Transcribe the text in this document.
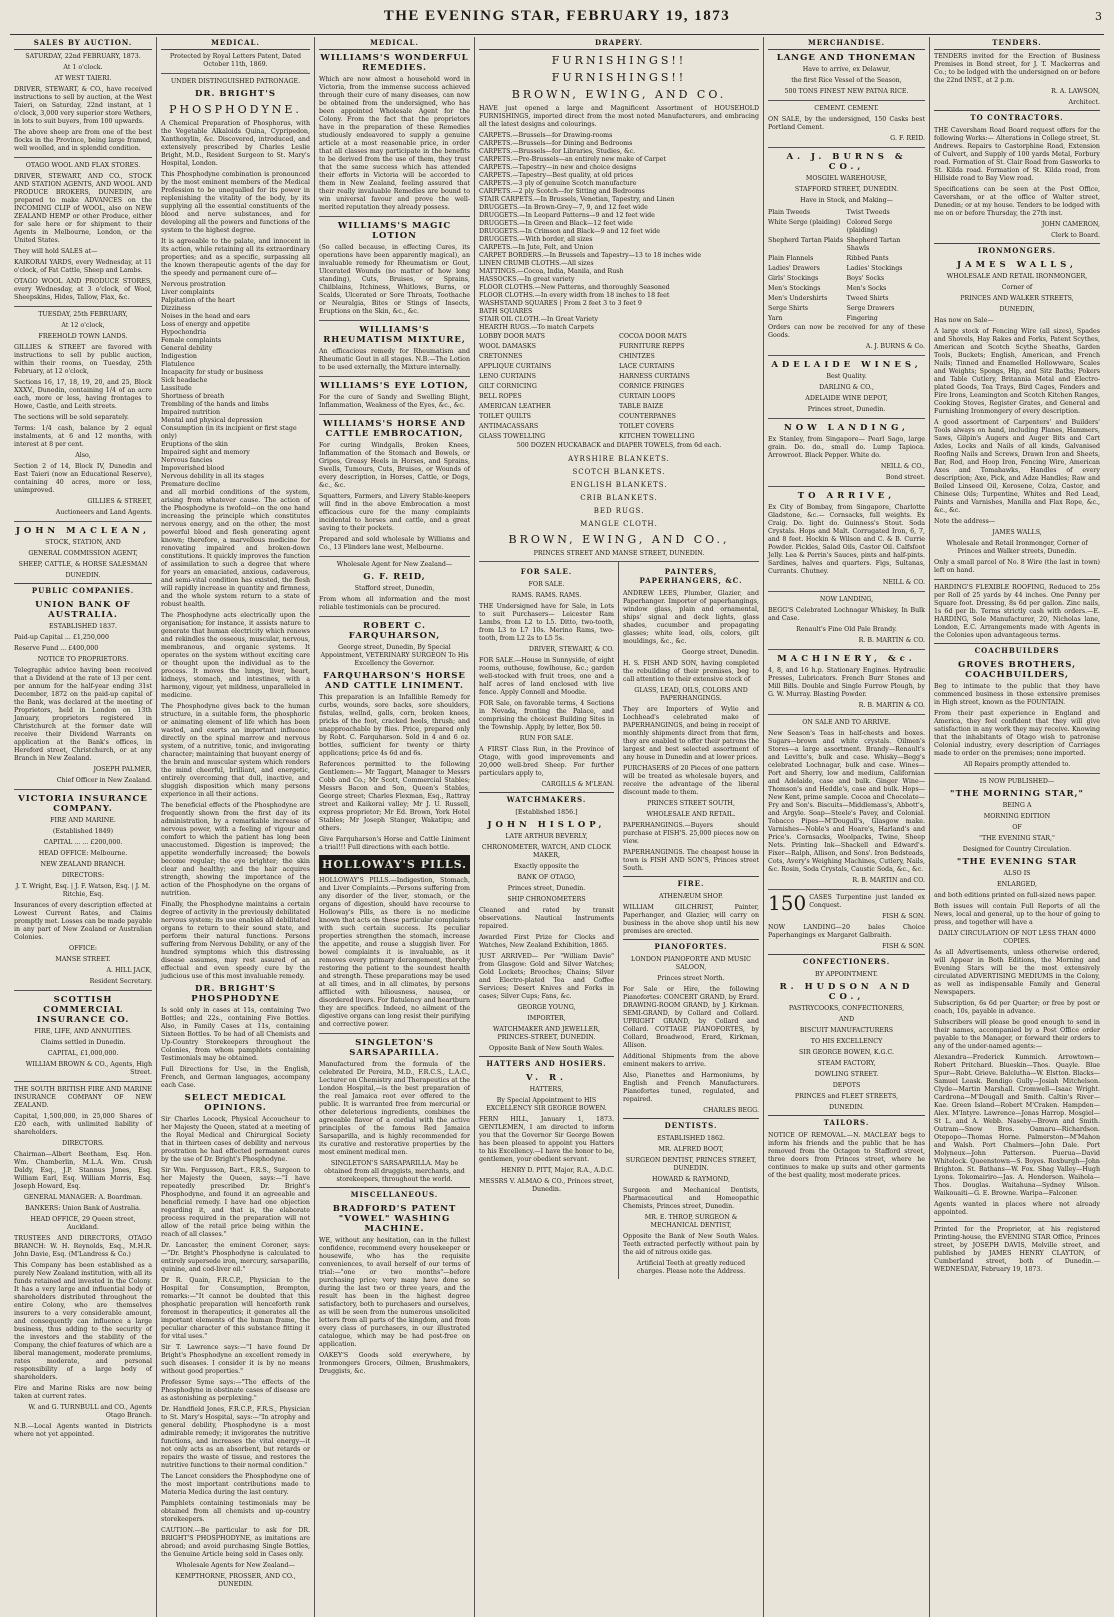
THE EVENING STAR, FEBRUARY 19, 1873	3
SALES BY AUCTION.

SATURDAY, 22nd FEBRUARY, 1873.

At 1 o'clock.

AT WEST TAIERI.

DRIVER, STEWART, & CO., have received instructions to sell by auction, at the West Taieri, on Saturday, 22nd instant, at 1 o'clock, 3,000 very superior store Wethers, in lots to suit buyers, from 100 upwards.

The above sheep are from one of the best flocks in the Province, being large framed, well woolled, and in splendid condition.

OTAGO WOOL AND FLAX STORES.

DRIVER, STEWART, AND CO., STOCK AND STATION AGENTS, AND WOOL AND PRODUCE BROKERS, DUNEDIN, are prepared to make ADVANCES on the INCOMING CLIP of WOOL, also on NEW ZEALAND HEMP or other Produce, either for sale here or for shipment to their Agents in Melbourne, London, or the United States.

They will hold SALES at—

KAIKORAI YARDS, every Wednesday, at 11 o'clock, of Fat Cattle, Sheep and Lambs.

OTAGO WOOL AND PRODUCE STORES, every Wednesday, at 3 o'clock, of Wool, Sheepskins, Hides, Tallow, Flax, &c.

TUESDAY, 25th FEBRUARY,

At 12 o'clock,

FREEHOLD TOWN LANDS.

GILLIES & STREET are favored with instructions to sell by public auction, within their rooms, on Tuesday, 25th February, at 12 o'clock,

Sections 16, 17, 18, 19, 20, and 25, Block XXXV., Dunedin, containing 1/4 of an acre each, more or less, having frontages to Howe, Castle, and Leith streets.

The sections will be sold separately.

Terms: 1/4 cash, balance by 2 equal instalments, at 6 and 12 months, with interest at 8 per cent.

Also,

Section 2 of 14, Block IV, Dunedin and East Taieri (now an Educational Reserve), containing 40 acres, more or less, unimproved.

GILLIES & STREET,

Auctioneers and Land Agents.

JOHN MACLEAN,

STOCK, STATION, AND

GENERAL COMMISSION AGENT,

SHEEP, CATTLE, & HORSE SALESMAN

DUNEDIN.

PUBLIC COMPANIES.
UNION BANK OF AUSTRALIA.

ESTABLISHED 1837.

Paid-up Capital ... £1,250,000

Reserve Fund ... £400,000

NOTICE TO PROPRIETORS.

Telegraphic advice having been received that a Dividend at the rate of 13 per cent. per annum for the half-year ending 31st December, 1872 on the paid-up capital of the Bank, was declared at the meeting of Proprietors, held in London on 13th January, proprietors registered in Christchurch at the former date will receive their Dividend Warrants on application at the Bank's offices, in Hereford street, Christchurch, or at any Branch in New Zealand.

JOSEPH PALMER,

Chief Officer in New Zealand.

VICTORIA INSURANCE COMPANY.

FIRE AND MARINE.

(Established 1849)

CAPITAL ... ... £200,000.

HEAD OFFICE: Melbourne.

NEW ZEALAND BRANCH.

DIRECTORS:

J. T. Wright, Esq. | J. F. Watson, Esq. | J. M. Ritchie, Esq.

Insurances of every description effected at Lowest Current Rates, and Claims promptly met. Losses can be made payable in any part of New Zealand or Australian Colonies.

OFFICE:

MANSE STREET.

A. HILL JACK,

Resident Secretary.

SCOTTISH COMMERCIAL INSURANCE CO.

FIRE, LIFE, AND ANNUITIES.

Claims settled in Dunedin.

CAPITAL, £1,000,000.

WILLIAM BROWN & CO., Agents, High Street.

THE SOUTH BRITISH FIRE AND MARINE INSURANCE COMPANY OF NEW ZEALAND.

Capital, 1,500,000, in 25,000 Shares of £20 each, with unlimited liability of shareholders.

DIRECTORS.

Chairman—Albert Beetham, Esq. Hon. Wm. Chamberlin, M.L.A. Wm. Crush Daldy, Esq., J.P. Stannus Jones, Esq. William Earl, Esq. William Morris, Esq. Joseph Howard, Esq.

GENERAL MANAGER: A. Boardman.

BANKERS: Union Bank of Australia.

HEAD OFFICE, 29 Queen street, Auckland.

TRUSTEES AND DIRECTORS, OTAGO BRANCH: W. H. Reynolds, Esq., M.H.R. John Davie, Esq. (M'Landress & Co.)

This Company has been established as a purely New Zealand institution, with all its funds retained and invested in the Colony. It has a very large and influential body of shareholders distributed throughout the entire Colony, who are themselves insurers to a very considerable amount, and consequently can influence a large business, thus adding to the security of the investors and the stability of the Company, the chief features of which are a liberal management, moderate premiums, rates moderate, and personal responsibility of a large body of shareholders.

Fire and Marine Risks are now being taken at current rates.

W. and G. TURNBULL and CO., Agents Otago Branch.

N.B.—Local Agents wanted in Districts where not yet appointed.

MEDICAL.

Protected by Royal Letters Patent, Dated October 11th, 1869.

UNDER DISTINGUISHED PATRONAGE.

DR. BRIGHT'S
PHOSPHODYNE.

A Chemical Preparation of Phosphorus, with the Vegetable Alkaloids Quina, Cypripedon, Xanthoxylin, &c. Discovered, introduced, and extensively prescribed by Charles Leslie Bright, M.D., Resident Surgeon to St. Mary's Hospital, London.

This Phosphodyne combination is pronounced by the most eminent members of the Medical Profession to be unequalled for its power in replenishing the vitality of the body, by its supplying all the essential constituents of the blood and nerve substances, and for developing all the powers and functions of the system to the highest degree.

It is agreeable to the palate, and innocent in its action, while retaining all its extraordinary properties; and as a specific, surpassing all the known therapeutic agents of the day for the speedy and permanent cure of—

Nervous prostration

Liver complaints

Palpitation of the heart

Dizziness

Noises in the head and ears

Loss of energy and appetite

Hypochondria

Female complaints

General debility

Indigestion

Flatulence

Incapacity for study or business

Sick headache

Lassitude

Shortness of breath

Trembling of the hands and limbs

Impaired nutrition

Mental and physical depression

Consumption (in its incipient or first stage only)

Eruptions of the skin

Impaired sight and memory

Nervous fancies

Impoverished blood

Nervous debility in all its stages

Premature decline

and all morbid conditions of the system, arising from whatever cause. The action of the Phosphodyne is twofold—on the one hand increasing the principle which constitutes nervous energy, and on the other, the most powerful blood and flesh generating agent known; therefore, a marvellous medicine for renovating impaired and broken-down constitutions. It quickly improves the function of assimilation to such a degree that where for years an emaciated, anxious, cadaverous, and semi-vital condition has existed, the flesh will rapidly increase in quantity and firmness, and the whole system return to a state of robust health.

The Phosphodyne acts electrically upon the organisation; for instance, it assists nature to generate that human electricity which renews and rekindles the osseous, muscular, nervous, membranous, and organic systems. It operates on the system without exciting care or thought upon the individual as to the process. It moves the lungs, liver, heart, kidneys, stomach, and intestines, with a harmony, vigour, yet mildness, unparalleled in medicine.

The Phosphodyne gives back to the human structure, in a suitable form, the phosphoric or animating element of life which has been wasted, and exerts an important influence directly on the spinal marrow and nervous system, of a nutritive, tonic, and invigorating character; maintaining that buoyant energy of the brain and muscular system which renders the mind cheerful, brilliant, and energetic, entirely overcoming that dull, inactive, and sluggish disposition which many persons experience in all their actions.

The beneficial effects of the Phosphodyne are frequently shown from the first day of its administration, by a remarkable increase of nervous power, with a feeling of vigour and comfort to which the patient has long been unaccustomed. Digestion is improved; the appetite wonderfully increased; the bowels become regular; the eye brighter; the skin clear and healthy; and the hair acquires strength, showing the importance of the action of the Phosphodyne on the organs of nutrition.

Finally, the Phosphodyne maintains a certain degree of activity in the previously debilitated nervous system; its use enables all debilitated organs to return to their sound state, and perform their natural functions. Persons suffering from Nervous Debility, or any of the hundred symptoms which this distressing disease assumes, may rest assured of an effectual and even speedy cure by the judicious use of this most invaluable remedy.

DR. BRIGHT'S PHOSPHODYNE

Is sold only in cases at 11s, containing Two Bottles; and 22s., containing Five Bottles. Also, in Family Cases at 11s, containing Sixteen Bottles. To be had of all Chemists and Up-Country Storekeepers throughout the Colonies, from whom pamphlets containing Testimonials may be obtained.

Full Directions for Use, in the English, French, and German languages, accompany each Case.

SELECT MEDICAL OPINIONS.

Sir Charles Locock, Physical Accoucheur to her Majesty the Queen, stated at a meeting of the Royal Medical and Chirurgical Society that in thirteen cases of debility and nervous prostration he had effected permanent cures by the use of Dr. Bright's Phosphodyne.

Sir Wm. Fergusson, Bart., F.R.S., Surgeon to her Majesty the Queen, says:—"I have repeatedly prescribed Dr. Bright's Phosphodyne, and found it an agreeable and beneficial remedy. I have had one objection regarding it, and that is, the elaborate process required in the preparation will not allow of the retail price being within the reach of all classes."

Dr. Lancaster, the eminent Coroner, says:—"Dr. Bright's Phosphodyne is calculated to entirely supersede iron, mercury, sarsaparilla, quinine, and cod-liver oil."

Dr R. Quain, F.R.C.P., Physician to the Hospital for Consumption, Brompton, remarks:—"It cannot be doubted that this phosphatic preparation will henceforth rank foremost in therapeutics; it generates all the important elements of the human frame, the peculiar character of this substance fitting it for vital uses."

Sir T. Lawrence says:—"I have found Dr Bright's Phosphodyne an excellent remedy in such diseases. I consider it is by no means without good properties."

Professor Syme says:—"The effects of the Phosphodyne in obstinate cases of disease are as astonishing as perplexing."

Dr. Handfield Jones, F.R.C.P., F.R.S., Physician to St. Mary's Hospital, says:—"In atrophy and general debility, Phosphodyne is a most admirable remedy; it invigorates the nutritive functions, and increases the vital energy—it not only acts as an absorbent, but retards or repairs the waste of tissue, and restores the nutritive functions to their normal condition."

The Lancet considers the Phosphodyne one of the most important contributions made to Materia Medica during the last century.

Pamphlets containing testimonials may be obtained from all chemists and up-country storekeepers.

CAUTION.—Be particular to ask for DR. BRIGHT'S PHOSPHODYNE, as imitations are abroad; and avoid purchasing Single Bottles, the Genuine Article being sold in Cases only.

Wholesale Agents for New Zealand—

KEMPTHORNE, PROSSER, AND CO., DUNEDIN.

MEDICAL.
WILLIAMS'S WONDERFUL REMEDIES.

Which are now almost a household word in Victoria, from the immense success achieved through their cure of many diseases, can now be obtained from the undersigned, who has been appointed Wholesale Agent for the Colony. From the fact that the proprietors have in the preparation of these Remedies studiously endeavored to supply a genuine article at a most reasonable price, in order that all classes may participate in the benefits to be derived from the use of them, they trust that the same success which has attended their efforts in Victoria will be accorded to them in New Zealand, feeling assured that their really invaluable Remedies are bound to win universal favour and prove the well-merited reputation they already possess.

WILLIAMS'S MAGIC LOTION

(So called because, in effecting Cures, its operations have been apparently magical), an invaluable remedy for Rheumatism or Gout, Ulcerated Wounds (no matter of how long standing), Cuts, Bruises, or Sprains, Chilblains, Itchiness, Whitlows, Burns, or Scalds, Ulcerated or Sore Throats, Toothache or Neuralgia, Bites or Stings of Insects, Eruptions on the Skin, &c., &c.

WILLIAMS'S RHEUMATISM MIXTURE,

An efficacious remedy for Rheumatism and Rheumatic Gout in all stages. N.B.—The Lotion to be used externally, the Mixture internally.

WILLIAMS'S EYE LOTION,

For the cure of Sandy and Swelling Blight, Inflammation, Weakness of the Eyes, &c., &c.

WILLIAMS'S HORSE AND CATTLE EMBROCATION,

For curing Windgalls, Broken Knees, Inflammation of the Stomach and Bowels, or Gripes, Greasy Heels in Horses, and Sprains, Swells, Tumours, Cuts, Bruises, or Wounds of every description, in Horses, Cattle, or Dogs, &c., &c.

Squatters, Farmers, and Livery Stable-keepers will find in the above Embrocation a most efficacious cure for the many complaints incidental to horses and cattle, and a great saving to their pockets.

Prepared and sold wholesale by Williams and Co., 13 Flinders lane west, Melbourne.

Wholesale Agent for New Zealand—

G. F. REID,

Stafford street, Dunedin,

From whom all information and the most reliable testimonials can be procured.

ROBERT C. FARQUHARSON,

George street, Dunedin, By Special Appointment, VETERINARY SURGEON To His Excellency the Governor.

FARQUHARSON'S HORSE AND CATTLE LINIMENT.

This preparation is an Infallible Remedy for curbs, wounds, sore backs, sore shoulders, fistulas, wellnd, galls, corn, broken knees, pricks of the foot, cracked heels, thrush; and unapproachable by flies. Price, prepared only by Robt. C. Farquharson. Sold in 4 and 6 oz. bottles, sufficient for twenty or thirty applications; price 4s 6d and 6s.

References permitted to the following Gentlemen:— Mr Taggart, Manager to Messrs Cobb and Co.; Mr Scott, Commercial Stables; Messrs Bacon and Son, Queen's Stables, George street; Charles Flexman, Esq., Rattray street and Kaikorai valley; Mr J. U. Russell, express proprietor; Mr Ed. Brown, York Hotel Stables; Mr Joseph Stanger, Wakatipu; and others.

Give Farquharson's Horse and Cattle Liniment a trial!!! Full directions with each bottle.

HOLLOWAY'S PILLS.

HOLLOWAY'S PILLS.—Indigestion, Stomach, and Liver Complaints.—Persons suffering from any disorder of the liver, stomach, or the organs of digestion, should have recourse to Holloway's Pills, as there is no medicine known that acts on these particular complaints with such certain success. Its peculiar properties strengthen the stomach, increase the appetite, and rouse a sluggish liver. For bowel complaints it is invaluable, as it removes every primary derangement, thereby restoring the patient to the soundest health and strength. These preparations may be used at all times, and in all climates, by persons afflicted with biliousness, nausea, or disordered livers. For flatulency and heartburn they are specifics. Indeed, no ailment of the digestive organs can long resist their purifying and corrective power.

SINGLETON'S SARSAPARILLA.

Manufactured from the formula of the celebrated Dr Pereira, M.D., F.R.C.S., L.A.C., Lecturer on Chemistry and Therapeutics at the London Hospital,—is the best preparation of the real Jamaica root ever offered to the public. It is warranted free from mercurial or other deleterious ingredients, combines the agreeable flavor of a cordial with the active principles of the famous Red Jamaica Sarsaparilla, and is highly recommended for its curative and restorative properties by the most eminent medical men.

SINGLETON'S SARSAPARILLA. May be obtained from all druggists, merchants, and storekeepers, throughout the world.

MISCELLANEOUS.
BRADFORD'S PATENT "VOWEL" WASHING MACHINE.

WE, without any hesitation, can in the fullest confidence, recommend every housekeeper or housewife, who has the requisite conveniences, to avail herself of our terms of trial:—"one or two months"—before purchasing price; very many have done so during the last two or three years, and the result has been in the highest degree satisfactory, both to purchasers and ourselves, as will be seen from the numerous unsolicited letters from all parts of the kingdom, and from every class of purchasers, in our illustrated catalogue, which may be had post-free on application.

OAKEY'S Goods sold everywhere, by Ironmongers Grocers, Oilmen, Brushmakers, Druggists, &c.

DRAPERY.
FURNISHINGS!!
FURNISHINGS!!
BROWN, EWING, AND CO.

HAVE just opened a large and Magnificent Assortment of HOUSEHOLD FURNISHINGS, imported direct from the most noted Manufacturers, and embracing all the latest designs and colourings.

CARPETS.—Brussels—for Drawing-rooms

CARPETS.—Brussels—for Dining and Bedrooms

CARPETS.—Brussels—for Libraries, Studies, &c.

CARPETS.—Pre-Brussels—an entirely new make of Carpet

CARPETS.—Tapestry—in new and choice designs

CARPETS.—Tapestry—Best quality, at old prices

CARPETS.—3 ply of genuine Scotch manufacture

CARPETS.—2 ply Scotch—for Sitting and Bedrooms

STAIR CARPETS.—In Brussels, Venetian, Tapestry, and Linen

DRUGGETS.—In Brown-Grey—7, 9, and 12 feet wide

DRUGGETS.—In Leopard Patterns—9 and 12 feet wide

DRUGGETS.—In Green and Black—12 feet wide

DRUGGETS.—In Crimson and Black—9 and 12 feet wide

DRUGGETS.—With border, all sizes

CARPETS.—In Jute, Felt, and Union

CARPET BORDERS.—In Brussels and Tapestry—13 to 18 inches wide

LINEN CRUMB CLOTHS.—All sizes

MATTINGS.—Cocoa, India, Manila, and Rush

HASSOCKS.—In great variety

FLOOR CLOTHS.—New Patterns, and thoroughly Seasoned

FLOOR CLOTHS.—In every width from 18 inches to 18 feet

WASHSTAND SQUARES | From 2 feet 3 to 3 feet 9

BATH SQUARES

STAIR OIL CLOTH.—In Great Variety

HEARTH RUGS.—To match Carpets

LOBBY DOOR MATS	COCOA DOOR MATS

WOOL DAMASKS	FURNITURE REPPS

CRETONNES	CHINTZES

APPLIQUE CURTAINS	LACE CURTAINS

LENO CURTAINS	HARNESS CURTAINS

GILT CORNICING	CORNICE FRINGES

BELL ROPES	CURTAIN LOOPS

AMERICAN LEATHER	TABLE BAIZE

TOILET QUILTS	COUNTERPANES

ANTIMACASSARS	TOILET COVERS

GLASS TOWELLING	KITCHEN TOWELLING

500 DOZEN HUCKABACK and DIAPER TOWELS, from 6d each.

AYRSHIRE BLANKETS.

SCOTCH BLANKETS.

ENGLISH BLANKETS.

CRIB BLANKETS.

BED RUGS.

MANGLE CLOTH.

BROWN, EWING, AND CO.,

PRINCES STREET AND MANSE STREET, DUNEDIN.

FOR SALE.

FOR SALE.

RAMS. RAMS. RAMS.

THE Undersigned have for Sale, in Lots to suit Purchasers— Leicester Ram Lambs, from L2 to L5. Ditto, two-tooth, from L3 to L7 10s. Merino Rams, two-tooth, from L2 2s to L5 5s.

DRIVER, STEWART, & CO.

FOR SALE.—House in Sunnyside, of eight rooms, outhouse, fowlhouse, &c.; garden well-stocked with fruit trees, one and a half acres of land enclosed with live fence. Apply Connell and Moodie.

FOR Sale, on favorable terms, 4 Sections in Nevada, fronting the Palace, and comprising the choicest Building Sites in the Township. Apply, by letter, Box 50.

RUN FOR SALE.

A FIRST Class Run, in the Province of Otago, with good improvements and 20,000 well-bred Sheep. For further particulars apply to,

CARGILLS & M'LEAN.

WATCHMAKERS.

[Established 1856.]

JOHN HISLOP,

LATE ARTHUR BEVERLY,

CHRONOMETER, WATCH, AND CLOCK MAKER,

Exactly opposite the

BANK OF OTAGO,

Princes street, Dunedin.

SHIP CHRONOMETERS

Cleaned and rated by transit observations. Nautical Instruments repaired.

Awarded First Prize for Clocks and Watches, New Zealand Exhibition, 1865.

JUST ARRIVED— Per "William Davie" from Glasgow: Gold and Silver Watches; Gold Lockets; Brooches; Chains; Silver and Electro-plated Tea and Coffee Services; Desert Knives and Forks in cases; Silver Cups; Fans, &c.

GEORGE YOUNG,

IMPORTER,

WATCHMAKER AND JEWELLER, PRINCES-STREET, DUNEDIN.

Opposite Bank of New South Wales.

HATTERS AND HOSIERS.
V. R.

HATTERS,

By Special Appointment to HIS EXCELLENCY SIR GEORGE BOWEN.

FERN HILL, January 1, 1873. GENTLEMEN, I am directed to inform you that the Governor Sir George Bowen has been pleased to appoint you Hatters to his Excellency.—I have the honor to be, gentlemen, your obedient servant.

HENRY D. PITT, Major, R.A., A.D.C.

MESSRS V. ALMAO & CO., Princes street, Dunedin.

PAINTERS, PAPERHANGERS, &C.

ANDREW LEES, Plumber, Glazier, and Paperhanger. Importer of paperhangings, window glass, plain and ornamental, ships' signal and deck lights, glass shades, cucumber and propagating glasses; white lead, oils, colors, gilt mouldings, &c., &c.

George street, Dunedin.

H. S. FISH AND SON, having completed the rebuilding of their premises, beg to call attention to their extensive stock of

GLASS, LEAD, OILS, COLORS AND PAPERHANGINGS.

They are Importers of Wylie and Lochhead's celebrated make of PAPERHANGINGS, and being in receipt of monthly shipments direct from that firm, they are enabled to offer their patrons the largest and best selected assortment of any house in Dunedin and at lower prices.

PURCHASERS of 20 Pieces of one pattern will be treated as wholesale buyers, and receive the advantage of the liberal discount made to them.

PRINCES STREET SOUTH,

WHOLESALE AND RETAIL.

PAPERHANGINGS.—Buyers should purchase at FISH'S. 25,000 pieces now on view.

PAPERHANGINGS. The cheapest house in town is FISH AND SON'S, Princes street South.

FIRE.

ATHENÆUM SHOP.

WILLIAM GILCHRIST, Painter, Paperhanger, and Glazier, will carry on business in the above shop until his new premises are erected.

PIANOFORTES.

LONDON PIANOFORTE AND MUSIC SALOON,

Princes street North.

For Sale or Hire, the following Pianofortes: CONCERT GRAND, by Erard. DRAWING-ROOM GRAND, by J. Kirkman. SEMI-GRAND, by Collard and Collard. UPRIGHT GRAND, by Collard and Collard. COTTAGE PIANOFORTES, by Collard, Broadwood, Erard, Kirkman, Allison.

Additional Shipments from the above eminent makers to arrive.

Also, Pianettes and Harmoniums, by English and French Manufacturers. Pianofortes tuned, regulated, and repaired.

CHARLES BEGG.

DENTISTS.

ESTABLISHED 1862.

MR. ALFRED BOOT,

SURGEON DENTIST, PRINCES STREET, DUNEDIN.

HOWARD & RAYMOND,

Surgeon and Mechanical Dentists, Pharmaceutical and Homeopathic Chemists, Princes street, Dunedin.

MR. E. THROP, SURGEON & MECHANICAL DENTIST,

Opposite the Bank of New South Wales. Teeth extracted perfectly without pain by the aid of nitrous oxide gas.

Artificial Teeth at greatly reduced charges. Please note the Address.

MERCHANDISE.
LANGE AND THONEMAN

Have to arrive, ex Delawur,

the first Rice Vessel of the Season,

500 TONS FINEST NEW PATNA RICE.

CEMENT. CEMENT.

ON SALE, by the undersigned, 150 Casks best Portland Cement.

G. F. REID.

A. J. BURNS & CO.,

MOSGIEL WAREHOUSE,

STAFFORD STREET, DUNEDIN.

Have in Stock, and Making—

Plain Tweeds	Twist Tweeds

White Serge (plaiding) Colored Serge (plaiding)

Shepherd Tartan Plaids Shepherd Tartan Shawls

Plain Flannels	Ribbed Pants

Ladies' Drawers	Ladies' Stockings

Girls' Stockings	Boys' Socks

Men's Stockings	Men's Socks

Men's Undershirts	Tweed Shirts

Serge Shirts	Serge Drawers

Yarn	Fingering

Orders can now be received for any of these Goods.

A. J. BURNS & Co.

ADELAIDE WINES,

Best Quality.

DARLING & CO.,

ADELAIDE WINE DEPOT,

Princes street, Dunedin.

NOW LANDING,

Ex Stanley, from Singapore— Pearl Sago, large grain. Do. do., small do. Lump Tapioca. Arrowroot. Black Pepper. White do.

NEILL & CO.,

Bond street.

TO ARRIVE,

Ex City of Bombay, from Singapore, Charlotte Gladstone, &c.— Cornsacks, full weights. Ex Craig. Do. light do. Guinness's Stout. Soda Crystals. Hops and Malt. Corrugated Iron, 6, 7, and 8 feet. Hockin & Wilson and C. & B. Currie Powder. Pickles, Salad Oils, Castor Oil. Calfsfoot Jelly. Lea & Perrin's Sauces, pints and half-pints. Sardines, halves and quarters. Figs, Sultanas, Currants. Chutney.

NEILL & CO.

NOW LANDING,

BEGG'S Celebrated Lochnagar Whiskey, In Bulk and Case.

Renault's Fine Old Pale Brandy.

R. B. MARTIN & CO.

MACHINERY, &c.

4, 8, and 16 h.p. Stationary Engines. Hydraulic Presses, Lubricators. French Burr Stones and Mill Bills. Double and Single Furrow Plough, by G. W. Murray. Blasting Powder.

R. B. MARTIN & CO.

ON SALE AND TO ARRIVE.

New Season's Teas in half-chests and boxes. Sugars—brown and white crystals. Oilmen's Stores—a large assortment. Brandy—Renault's and Levitte's, bulk and case. Whisky—Begg's celebrated Lochnagar, bulk and case. Wines—Port and Sherry, low and medium, Californian and Adelaide, case and bulk. Ginger Wine—Thomson's and Heddle's, case and bulk. Hops—New Kent, prime sample. Cocoa and Chocolate—Fry and Son's. Biscuits—Middlemass's, Abbott's, and Argyle. Soap—Steele's Pavey, and Colonial. Tobacco Pipes—M'Dougall's, Glasgow make. Varnishes—Noble's and Hoare's, Harland's and Price's. Cornsacks, Woolpacks, Twine, Sheep Nets. Printing Ink—Shackell and Edward's. Fixer—Ralph, Allison, and Sons'. Iron Bedsteads, Cots, Avery's Weighing Machines, Cutlery, Nails, &c. Rosin, Soda Crystals, Caustic Soda, &c., &c.

R. B. MARTIN and CO.

150 CASES Turpentine just landed ex Conquest.

FISH & SON.

NOW LANDING—20 bales Choice Paperhangings ex Margaret Galbraith.

FISH & SON.

CONFECTIONERS.

BY APPOINTMENT.

R. HUDSON AND CO.,

PASTRYCOOKS, CONFECTIONERS,

AND

BISCUIT MANUFACTURERS

TO HIS EXCELLENCY

SIR GEORGE BOWEN, K.G.C.

STEAM FACTORY,

DOWLING STREET.

DEPOTS

PRINCES and FLEET STREETS,

DUNEDIN.

TAILORS.

NOTICE OF REMOVAL.—N. MACLEAY begs to inform his friends and the public that he has removed from the Octagon to Stafford street, three doors from Princes street, where he continues to make up suits and other garments of the best quality, most moderate prices.

TENDERS.

TENDERS invited for the Erection of Business Premises in Bond street, for J. T. Mackerras and Co.; to be lodged with the undersigned on or before the 22nd INST., at 2 p.m.

R. A. LAWSON,

Architect.

TO CONTRACTORS.

THE Caversham Road Board request offers for the following Works:— Alterations in College street, St. Andrews. Repairs to Castorphine Road, Extension of Culvert, and Supply of 100 yards Metal, Forbury road. Formation of St. Clair Road from Gasworks to St. Kilda road. Formation of St. Kilda road, from Hillside road to Bay View road.

Specifications can be seen at the Post Office, Caversham, or at the office of Walter street, Dunedin; or at my house. Tenders to be lodged with me on or before Thursday, the 27th inst.

JOHN CAMERON,

Clerk to Board.

IRONMONGERS.
JAMES WALLS,

WHOLESALE AND RETAIL IRONMONGER,

Corner of

PRINCES AND WALKER STREETS,

DUNEDIN,

Has now on Sale—

A large stock of Fencing Wire (all sizes), Spades and Shovels, Hay Rakes and Forks, Patent Scythes, American and Scotch Scythe Sheaths, Garden Tools, Buckets; English, American, and French Nails; Tinned and Enamelled Hollowware, Scales and Weights; Spongs, Hip, and Sitz Baths; Pokers and Table Cutlery, Britannia Metal and Electro-plated Goods, Tea Trays, Bird Cages, Fenders and Fire Irons, Leamington and Scotch Kitchen Ranges, Cooking Stoves, Register Grates, and General and Furnishing Ironmongery of every description.

A good assortment of Carpenters' and Builders' Tools always on hand, including Planes, Hammers, Saws, Gilpin's Augers and Auger Bits and Cart Axles, Locks and Nails of all kinds, Galvanised Roofing Nails and Screws, Drawn Iron and Sheets, Bar, Rod, and Hoop Iron, Fencing Wire, American Axes and Tomahawks, Handles of every description; Axe, Pick, and Adze Handles; Raw and Boiled Linseed Oil, Kerosene, Colza, Castor, and Chinese Oils; Turpentine, Whites and Red Lead, Paints and Varnishes, Manilla and Flax Rope, &c., &c., &c.

Note the address—

JAMES WALLS,

Wholesale and Retail Ironmonger, Corner of Princes and Walker streets, Dunedin.

Only a small parcel of No. 8 Wire (the last in town) left on hand.

HARDING'S FLEXIBLE ROOFING, Reduced to 25s per Roll of 25 yards by 44 inches. One Penny per Square foot. Dressing, 8s 6d per gallon. Zinc nails, 1s 6d per lb. Terms strictly cash with orders.—E. HARDING, Sole Manufacturer, 20, Nicholas lane, London, E.C. Arrangements made with Agents in the Colonies upon advantageous terms.

COACHBUILDERS
GROVES BROTHERS, COACHBUILDERS,

Beg to intimate to the public that they have commenced business in those extensive premises in High street, known as the FOUNTAIN.

From their past experience in England and America, they feel confident that they will give satisfaction in any work they may receive. Knowing that the inhabitants of Otago wish to patronise Colonial industry, every description of Carriages made to order on the premises; none imported.

All Repairs promptly attended to.

IS NOW PUBLISHED—

"THE MORNING STAR,"

BEING A

MORNING EDITION

OF

"THE EVENING STAR,"

Designed for Country Circulation.

"THE EVENING STAR

ALSO IS

ENLARGED,

and both editions printed on full-sized news paper.

Both issues will contain Full Reports of all the News, local and general, up to the hour of going to press, and together will have a

DAILY CIRCULATION OF NOT LESS THAN 4000 COPIES.

As all Advertisements, unless otherwise ordered, will Appear in Both Editions, the Morning and Evening Stars will be the most extensively circulated ADVERTISING MEDIUMS in the Colony, as well as indispensable Family and General Newspapers.

Subscription, 6s 6d per Quarter; or free by post or coach, 10s, payable in advance.

Subscribers will please be good enough to send in their names, accompanied by a Post Office order payable to the Manager, or forward their orders to any of the under-named agents:—

Alexandra—Frederick Kummich. Arrowtown—Robert Pritchard. Blueskin—Thos. Quayle. Blue Spur—Robt. Grieve. Balclutha—W. Elstton. Blacks—Samuel Leask. Bendigo Gully—Josiah Mitchelson. Clyde—Martin Marshall. Cromwell—Isaac Wright. Cardrona—M'Dougall and Smith. Caltin's River—Kae. Green Island—Robert M'Craken. Hampden—Alex. M'Intyre. Lawrence—Jonas Harrop. Mosgiel—St L. and A. Webb. Naseby—Brown and Smith. Outram—Snow Bros. Oamaru—Richardson. Otepopo—Thomas Horne. Palmerston—M'Mahon and Walsh. Port Chalmers—John Dale. Port Molyneux—John Patterson. Puerua—David Whitelock. Queenstown—S. Boyes. Roxburgh—John Brighton. St. Bathans—W. Fox. Shag Valley—Hugh Lyons. Tokomairiro—Jas. A. Henderson. Waihola—Thos. Douglas. Waitahuna—Sydney Wilson. Waikouaiti—G. E. Browne. Waripa—Falconer.

Agents wanted in places where not already appointed.

Printed for the Proprietor, at his registered Printing-house, the EVENING STAR Office, Princes street, by JOSEPH DAVIS, Melville street, and published by JAMES HENRY CLAYTON, of Cumberland street, both of Dunedin.—WEDNESDAY, February 19, 1873.
